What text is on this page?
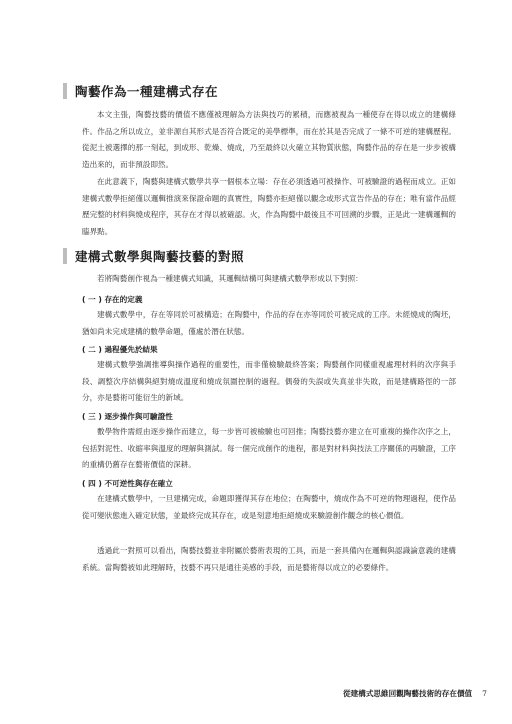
陶藝作為一種建構式存在

本文主張，陶藝技藝的價值不應僅被理解為方法與技巧的累積，而應被視為一種使存在得以成立的建構條件。作品之所以成立，並非源自其形式是否符合既定的美學標準，而在於其是否完成了一條不可逆的建構歷程。從泥土被選擇的那一刻起，到成形、乾燥、燒成，乃至最終以火確立其物質狀態，陶藝作品的存在是一步步被構造出來的，而非預設即然。

在此意義下，陶藝與建構式數學共享一個根本立場：存在必須透過可被操作、可被驗證的過程而成立。正如建構式數學拒絕僅以邏輯推演來保證命題的真實性，陶藝亦拒絕僅以觀念或形式宣告作品的存在；唯有當作品經歷完整的材料與燒成程序，其存在才得以被確認。火，作為陶藝中最後且不可回溯的步驟，正是此一建構邏輯的臨界點。

建構式數學與陶藝技藝的對照

若將陶藝創作視為一種建構式知識，其邏輯結構可與建構式數學形成以下對照：

( 一 ) 存在的定義

建構式數學中，存在等同於可被構造；在陶藝中，作品的存在亦等同於可被完成的工序。未經燒成的陶坯，猶如尚未完成建構的數學命題，僅處於潛在狀態。

( 二 ) 過程優先於結果

建構式數學強調推導與操作過程的重要性，而非僅檢驗最終答案；陶藝創作同樣重視處理材料的次序與手段、調整次序結構與絕對燒成溫度和燒成氛圍控制的過程。偶發的失誤或失真並非失敗，而是建構路徑的一部分，亦是藝術可能衍生的新域。

( 三 ) 逐步操作與可驗證性

數學物件需經由逐步操作而建立，每一步皆可被檢驗也可回推；陶藝技藝亦建立在可重複的操作次序之上，包括對泥性、收縮率與溫度的理解與測試。每一個完成創作的進程，都是對材料與技法工序關係的再驗證，工序的重構仍舊存在藝術價值的深耕。

( 四 ) 不可逆性與存在確立

在建構式數學中，一旦建構完成，命題即獲得其存在地位；在陶藝中，燒成作為不可逆的物理過程，使作品從可變狀態進入確定狀態，並最終完成其存在，或是刻意地拒絕燒成來驗證創作觀念的核心價值。

透過此一對照可以看出，陶藝技藝並非附屬於藝術表現的工具，而是一套具備內在邏輯與認識論意義的建構系統。當陶藝被如此理解時，技藝不再只是通往美感的手段，而是藝術得以成立的必要條件。

從建構式思維回觀陶藝技術的存在價值 7
